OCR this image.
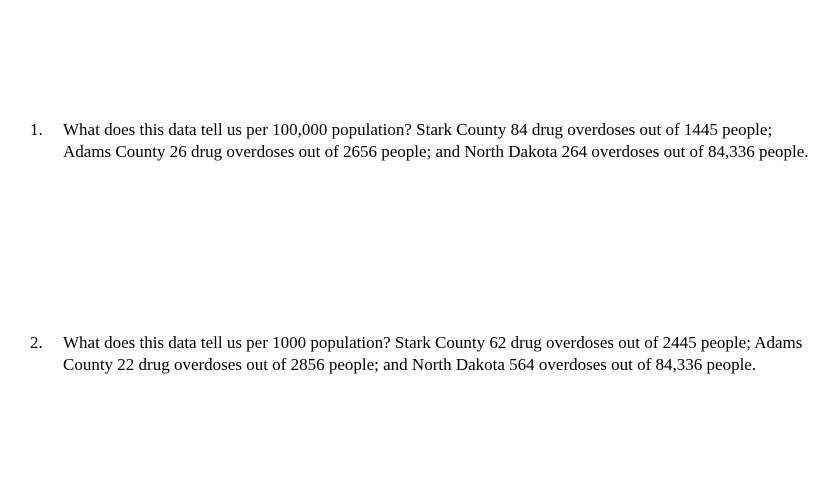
1.	What does this data tell us per 100,000 population? Stark County 84 drug overdoses out of 1445 people; Adams County 26 drug overdoses out of 2656 people; and North Dakota 264 overdoses out of 84,336 people.
2.	What does this data tell us per 1000 population? Stark County 62 drug overdoses out of 2445 people; Adams County 22 drug overdoses out of 2856 people; and North Dakota 564 overdoses out of 84,336 people.
